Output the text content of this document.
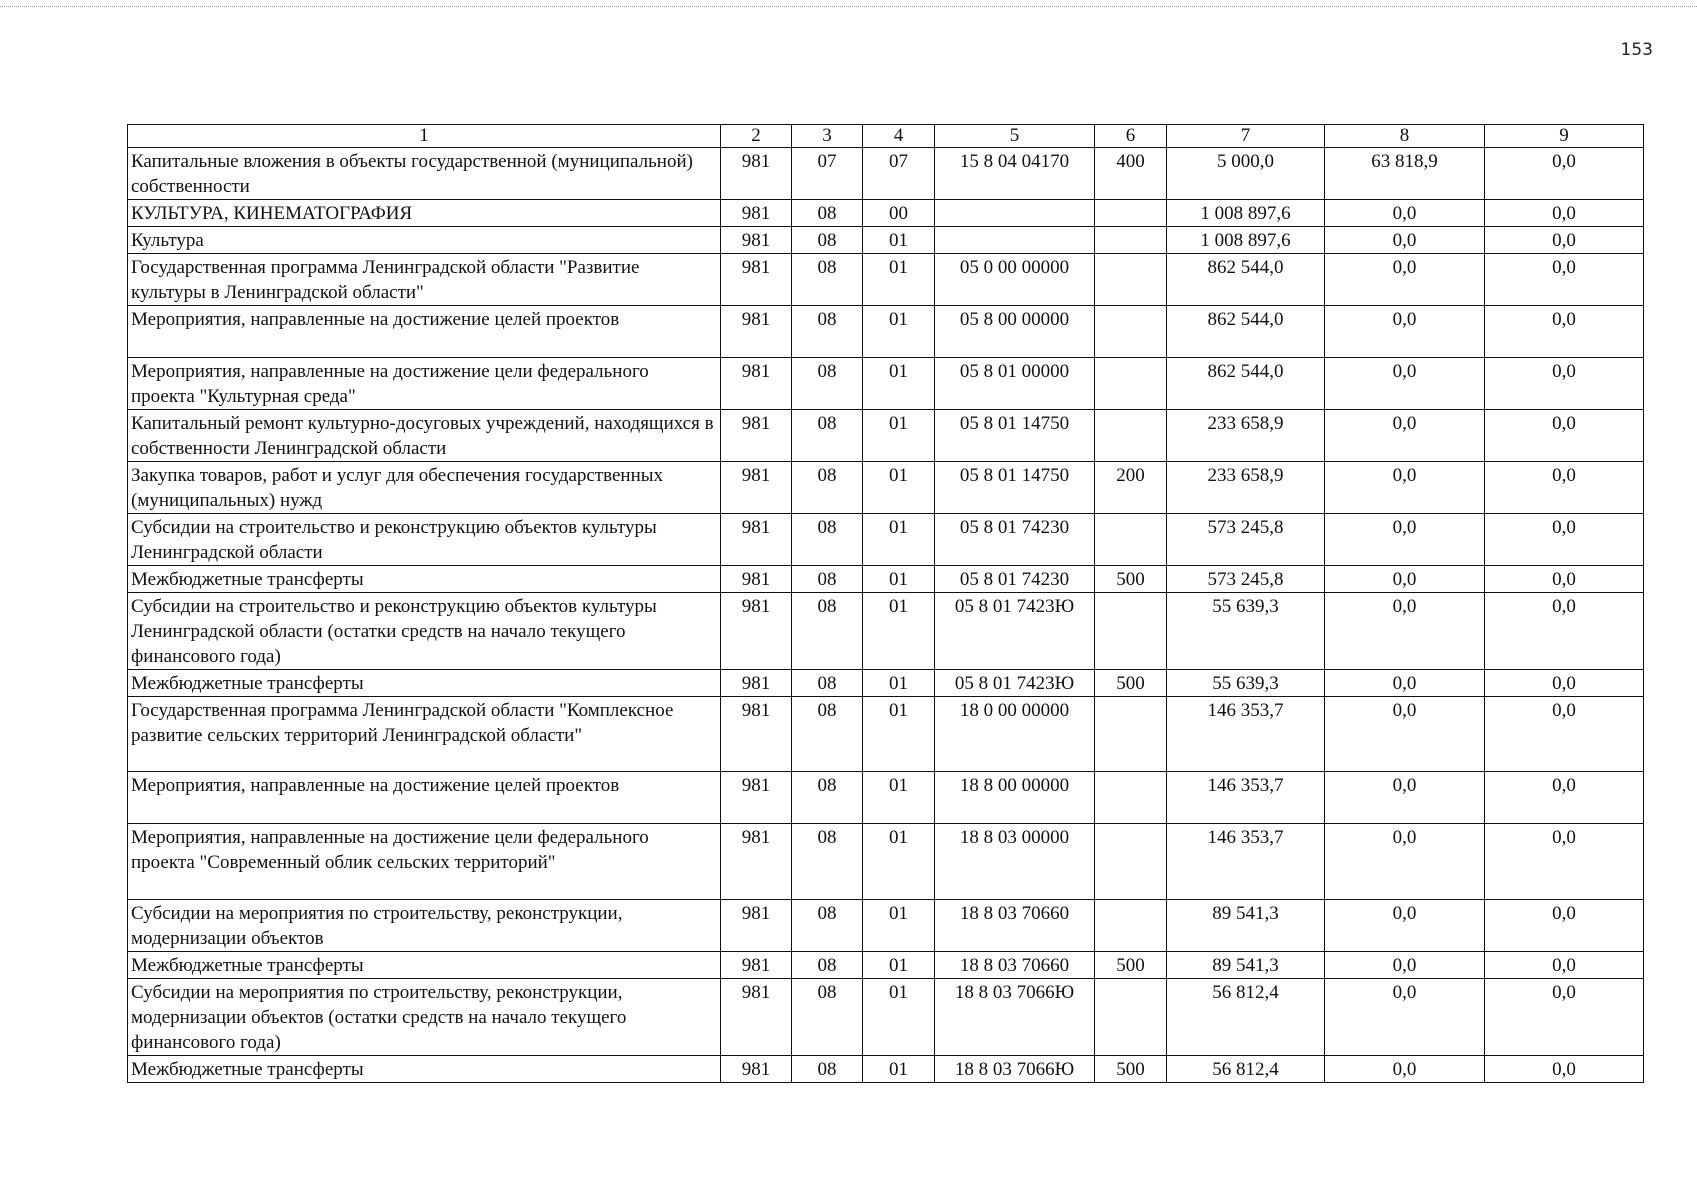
153
1	2	3	4	5	6	7	8	9
Капитальные вложения в объекты государственной (муниципальной) собственности	981	07	07	15 8 04 04170	400	5 000,0	63 818,9	0,0
КУЛЬТУРА, КИНЕМАТОГРАФИЯ	981	08	00			1 008 897,6	0,0	0,0
Культура	981	08	01			1 008 897,6	0,0	0,0
Государственная программа Ленинградской области "Развитие культуры в Ленинградской области"	981	08	01	05 0 00 00000		862 544,0	0,0	0,0
Мероприятия, направленные на достижение целей проектов	981	08	01	05 8 00 00000		862 544,0	0,0	0,0
Мероприятия, направленные на достижение цели федерального проекта "Культурная среда"	981	08	01	05 8 01 00000		862 544,0	0,0	0,0
Капитальный ремонт культурно-досуговых учреждений, находящихся в собственности Ленинградской области	981	08	01	05 8 01 14750		233 658,9	0,0	0,0
Закупка товаров, работ и услуг для обеспечения государственных (муниципальных) нужд	981	08	01	05 8 01 14750	200	233 658,9	0,0	0,0
Субсидии на строительство и реконструкцию объектов культуры Ленинградской области	981	08	01	05 8 01 74230		573 245,8	0,0	0,0
Межбюджетные трансферты	981	08	01	05 8 01 74230	500	573 245,8	0,0	0,0
Субсидии на строительство и реконструкцию объектов культуры Ленинградской области (остатки средств на начало текущего финансового года)	981	08	01	05 8 01 7423Ю		55 639,3	0,0	0,0
Межбюджетные трансферты	981	08	01	05 8 01 7423Ю	500	55 639,3	0,0	0,0
Государственная программа Ленинградской области "Комплексное развитие сельских территорий Ленинградской области"	981	08	01	18 0 00 00000		146 353,7	0,0	0,0
Мероприятия, направленные на достижение целей проектов	981	08	01	18 8 00 00000		146 353,7	0,0	0,0
Мероприятия, направленные на достижение цели федерального проекта "Современный облик сельских территорий"	981	08	01	18 8 03 00000		146 353,7	0,0	0,0
Субсидии на мероприятия по строительству, реконструкции, модернизации объектов	981	08	01	18 8 03 70660		89 541,3	0,0	0,0
Межбюджетные трансферты	981	08	01	18 8 03 70660	500	89 541,3	0,0	0,0
Субсидии на мероприятия по строительству, реконструкции, модернизации объектов (остатки средств на начало текущего финансового года)	981	08	01	18 8 03 7066Ю		56 812,4	0,0	0,0
Межбюджетные трансферты	981	08	01	18 8 03 7066Ю	500	56 812,4	0,0	0,0
